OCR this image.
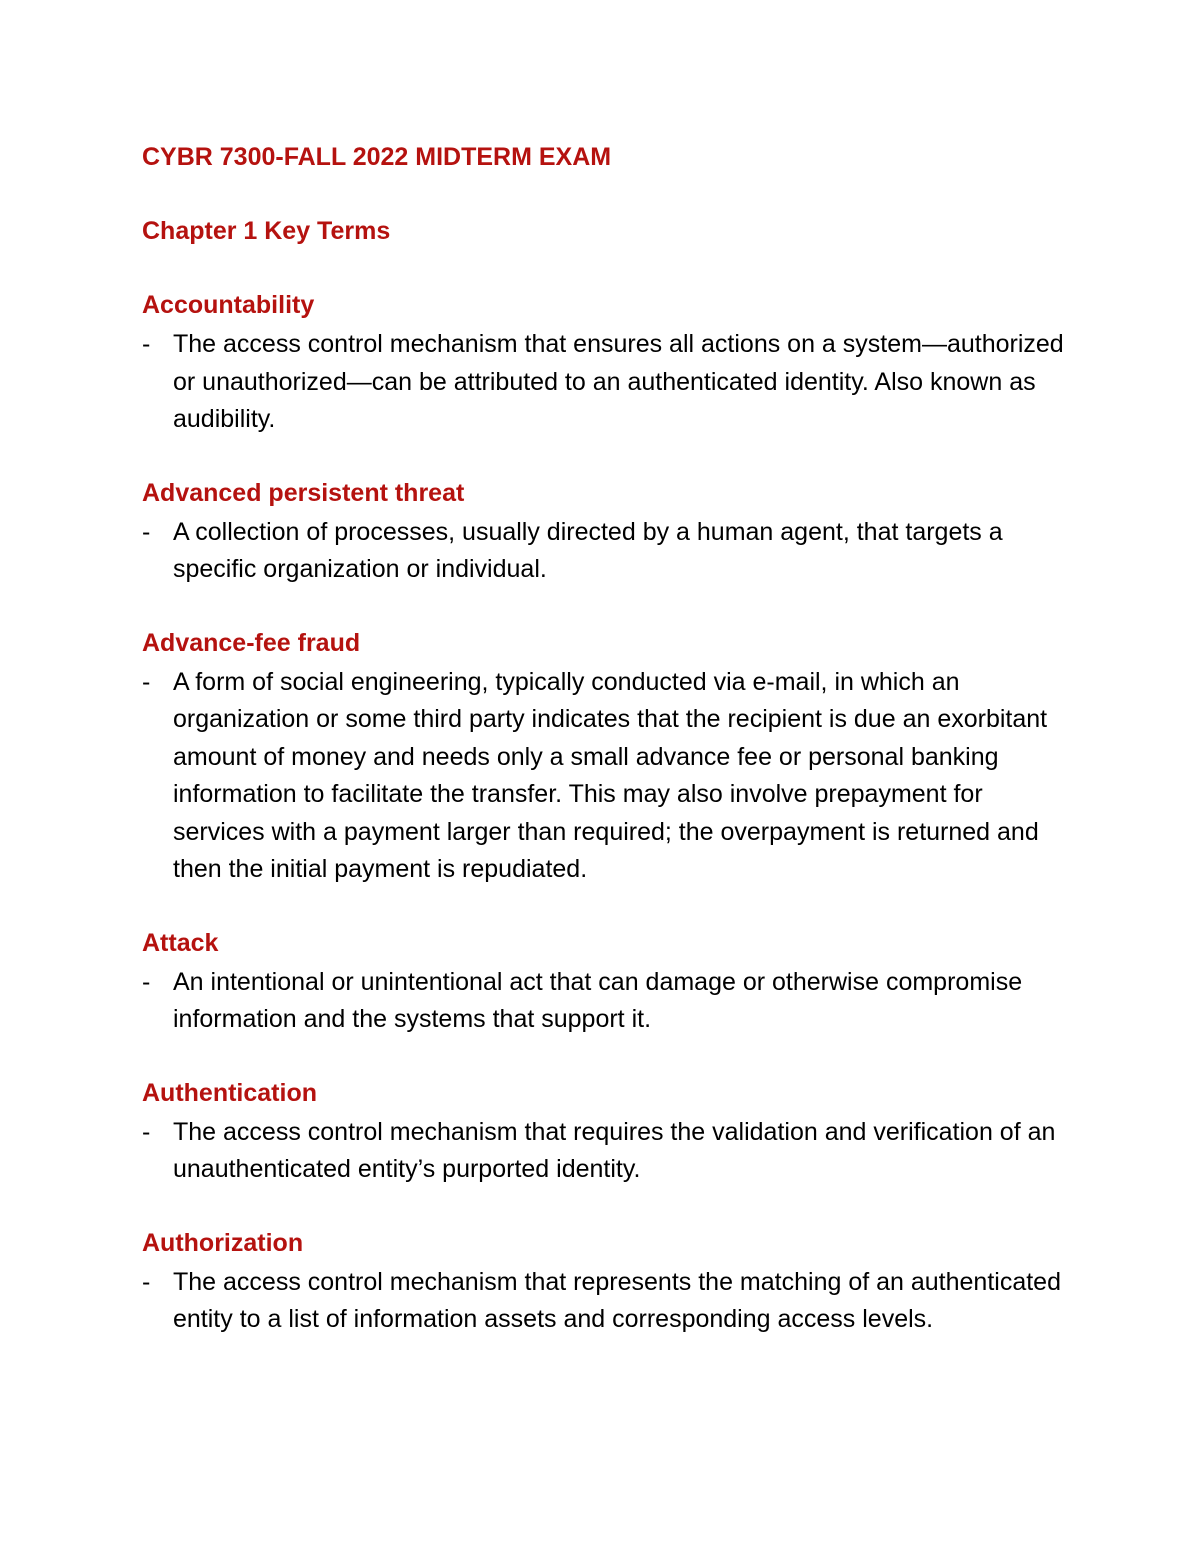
CYBR 7300-FALL 2022 MIDTERM EXAM
Chapter 1 Key Terms
Accountability

- The access control mechanism that ensures all actions on a system—authorized or unauthorized—can be attributed to an authenticated identity. Also known as audibility.

Advanced persistent threat

- A collection of processes, usually directed by a human agent, that targets a specific organization or individual.

Advance-fee fraud

- A form of social engineering, typically conducted via e-mail, in which an organization or some third party indicates that the recipient is due an exorbitant amount of money and needs only a small advance fee or personal banking information to facilitate the transfer. This may also involve prepayment for services with a payment larger than required; the overpayment is returned and then the initial payment is repudiated.

Attack

- An intentional or unintentional act that can damage or otherwise compromise information and the systems that support it.

Authentication

- The access control mechanism that requires the validation and verification of an unauthenticated entity’s purported identity.

Authorization

- The access control mechanism that represents the matching of an authenticated entity to a list of information assets and corresponding access levels.
